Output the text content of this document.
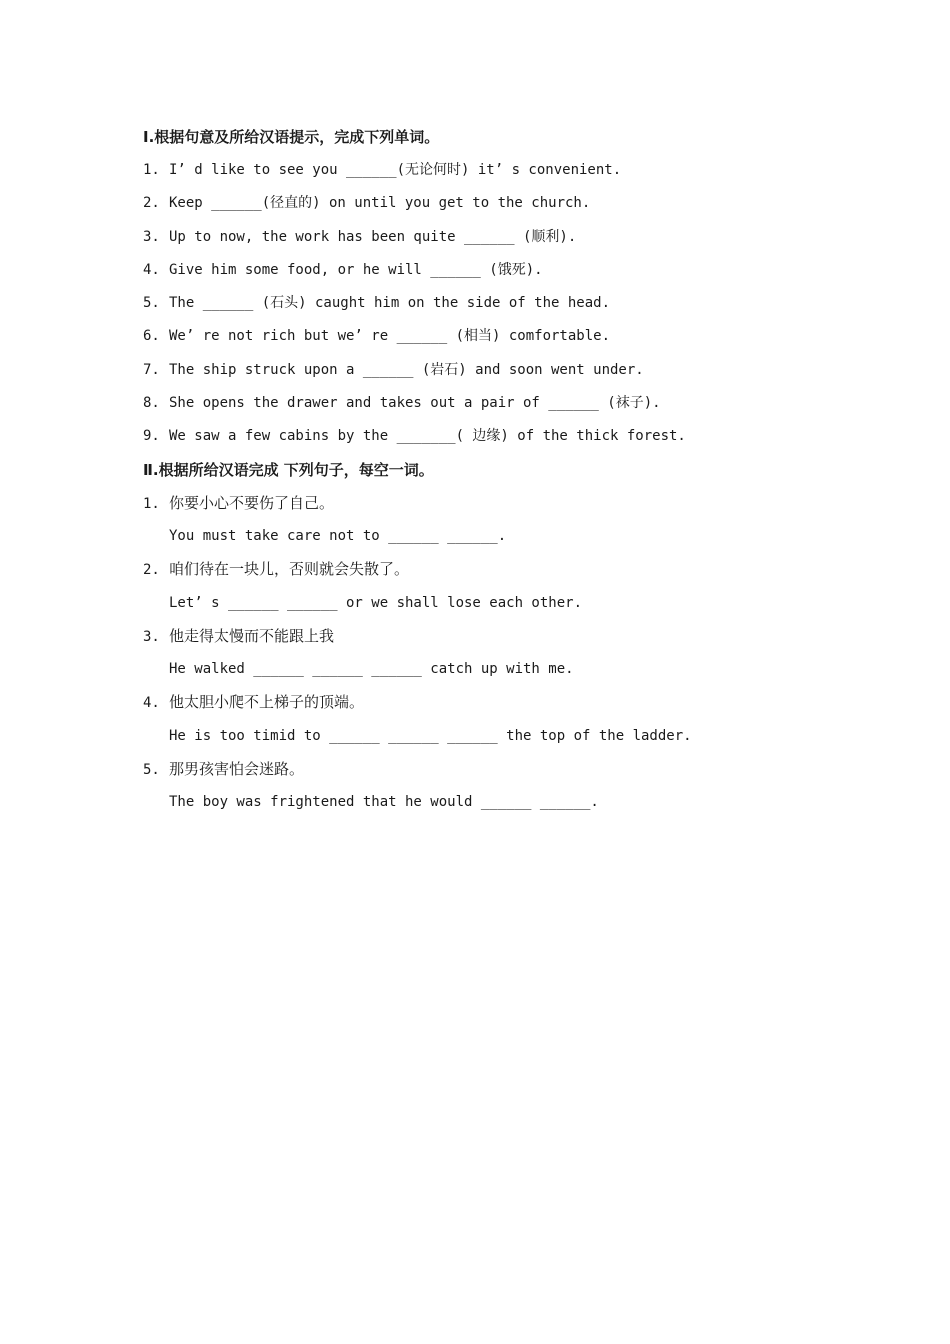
Ⅰ.根据句意及所给汉语提示，完成下列单词。
1. I’ d like to see you ______(无论何时) it’ s convenient.
2. Keep ______(径直的) on until you get to the church.
3. Up to now, the work has been quite ______ (顺利).
4. Give him some food, or he will ______ (饿死).
5. The ______ (石头) caught him on the side of the head.
6. We’ re not rich but we’ re ______ (相当) comfortable.
7. The ship struck upon a ______ (岩石) and soon went under.
8. She opens the drawer and takes out a pair of ______ (袜子).
9. We saw a few cabins by the _______( 边缘) of the thick forest.
Ⅱ.根据所给汉语完成 下列句子，每空一词。
1. 你要小心不要伤了自己。
You must take care not to ______ ______.
2. 咱们待在一块儿，否则就会失散了。
Let’ s ______ ______ or we shall lose each other.
3. 他走得太慢而不能跟上我
He walked ______ ______ ______ catch up with me.
4. 他太胆小爬不上梯子的顶端。
He is too timid to ______ ______ ______ the top of the ladder.
5. 那男孩害怕会迷路。
The boy was frightened that he would ______ ______.
